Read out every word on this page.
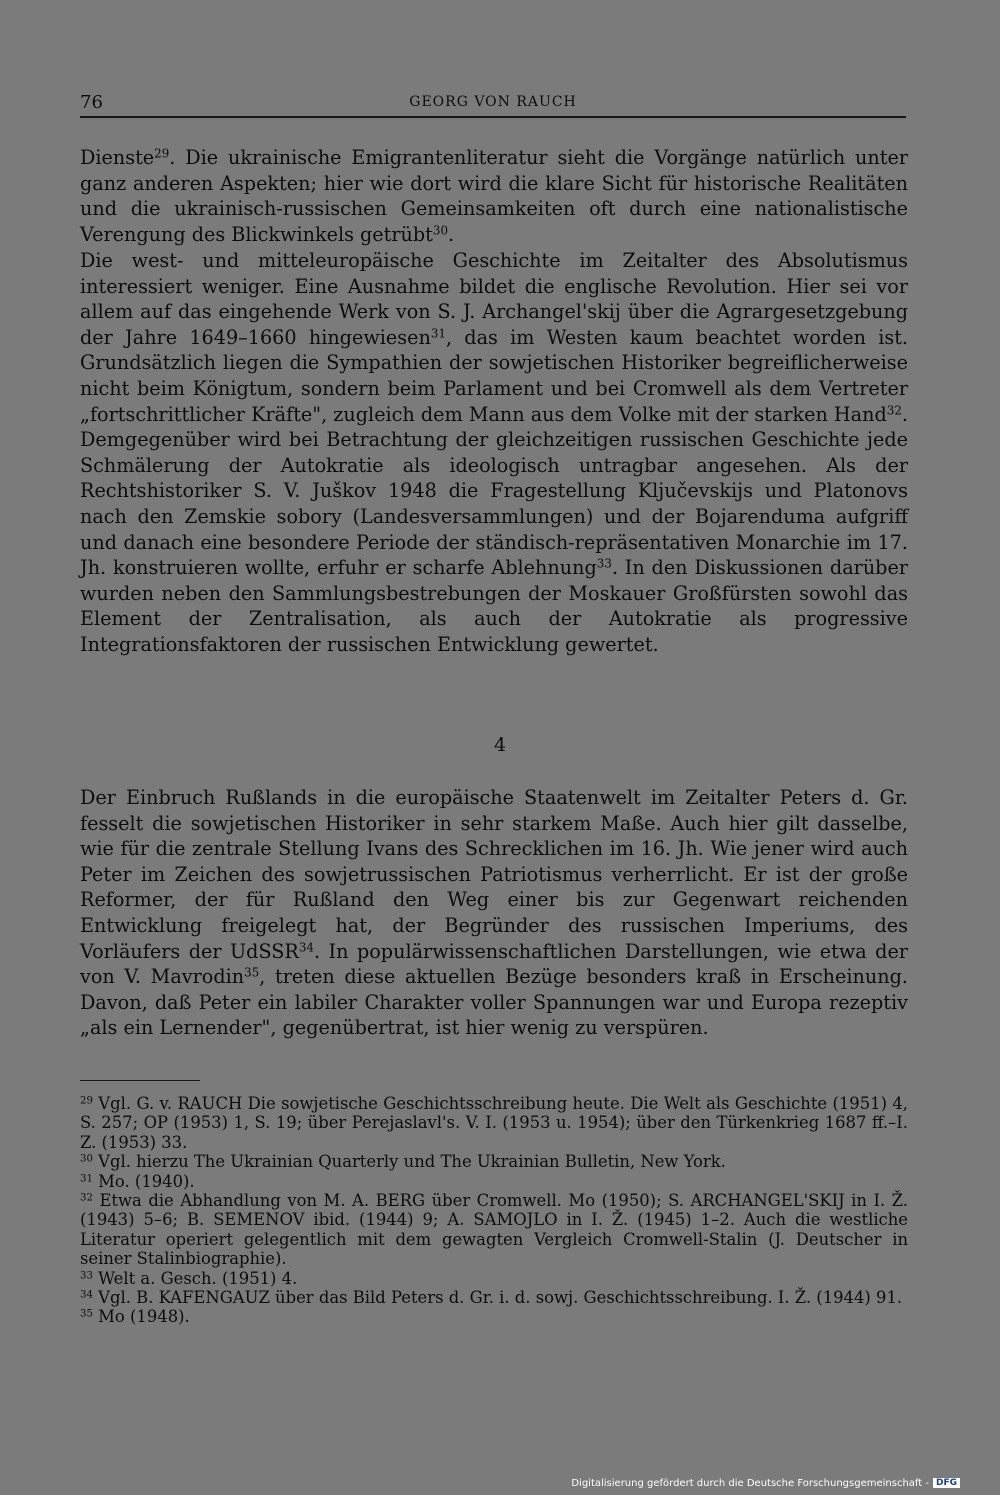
76	GEORG VON RAUCH

Dienste$^{29}$. Die ukrainische Emigrantenliteratur sieht die Vorgänge natürlich unter ganz anderen Aspekten; hier wie dort wird die klare Sicht für historische Realitäten und die ukrainisch-russischen Gemeinsamkeiten oft durch eine nationalistische Verengung des Blickwinkels getrübt$^{30}$.

Die west- und mitteleuropäische Geschichte im Zeitalter des Absolutismus interessiert weniger. Eine Ausnahme bildet die englische Revolution. Hier sei vor allem auf das eingehende Werk von S. J. Archangel'skij über die Agrargesetzgebung der Jahre 1649–1660 hingewiesen$^{31}$, das im Westen kaum beachtet worden ist. Grundsätzlich liegen die Sympathien der sowjetischen Historiker begreiflicherweise nicht beim Königtum, sondern beim Parlament und bei Cromwell als dem Vertreter „fortschrittlicher Kräfte", zugleich dem Mann aus dem Volke mit der starken Hand$^{32}$. Demgegenüber wird bei Betrachtung der gleichzeitigen russischen Geschichte jede Schmälerung der Autokratie als ideologisch untragbar angesehen. Als der Rechtshistoriker S. V. Juškov 1948 die Fragestellung Ključevskijs und Platonovs nach den Zemskie sobory (Landesversammlungen) und der Bojarenduma aufgriff und danach eine besondere Periode der ständisch-repräsentativen Monarchie im 17. Jh. konstruieren wollte, erfuhr er scharfe Ablehnung$^{33}$. In den Diskussionen darüber wurden neben den Sammlungsbestrebungen der Moskauer Großfürsten sowohl das Element der Zentralisation, als auch der Autokratie als progressive Integrationsfaktoren der russischen Entwicklung gewertet.

4

Der Einbruch Rußlands in die europäische Staatenwelt im Zeitalter Peters d. Gr. fesselt die sowjetischen Historiker in sehr starkem Maße. Auch hier gilt dasselbe, wie für die zentrale Stellung Ivans des Schrecklichen im 16. Jh. Wie jener wird auch Peter im Zeichen des sowjetrussischen Patriotismus verherrlicht. Er ist der große Reformer, der für Rußland den Weg einer bis zur Gegenwart reichenden Entwicklung freigelegt hat, der Begründer des russischen Imperiums, des Vorläufers der UdSSR$^{34}$. In populärwissenschaftlichen Darstellungen, wie etwa der von V. Mavrodin$^{35}$, treten diese aktuellen Bezüge besonders kraß in Erscheinung. Davon, daß Peter ein labiler Charakter voller Spannungen war und Europa rezeptiv „als ein Lernender", gegenübertrat, ist hier wenig zu verspüren.

$^{29}$ Vgl. G. v. RAUCH Die sowjetische Geschichtsschreibung heute. Die Welt als Geschichte (1951) 4, S. 257; OP (1953) 1, S. 19; über Perejaslavl's. V. I. (1953 u. 1954); über den Türkenkrieg 1687 ff.–I. Z. (1953) 33.

$^{30}$ Vgl. hierzu The Ukrainian Quarterly und The Ukrainian Bulletin, New York.

$^{31}$ Mo. (1940).

$^{32}$ Etwa die Abhandlung von M. A. BERG über Cromwell. Mo (1950); S. ARCHANGEL'SKIJ in I. Ž. (1943) 5–6; B. SEMENOV ibid. (1944) 9; A. SAMOJLO in I. Ž. (1945) 1–2. Auch die westliche Literatur operiert gelegentlich mit dem gewagten Vergleich Cromwell-Stalin (J. Deutscher in seiner Stalinbiographie).

$^{33}$ Welt a. Gesch. (1951) 4.

$^{34}$ Vgl. B. KAFENGAUZ über das Bild Peters d. Gr. i. d. sowj. Geschichtsschreibung. I. Ž. (1944) 91.

$^{35}$ Mo (1948).

Digitalisierung gefördert durch die Deutsche Forschungsgemeinschaft - DFG
